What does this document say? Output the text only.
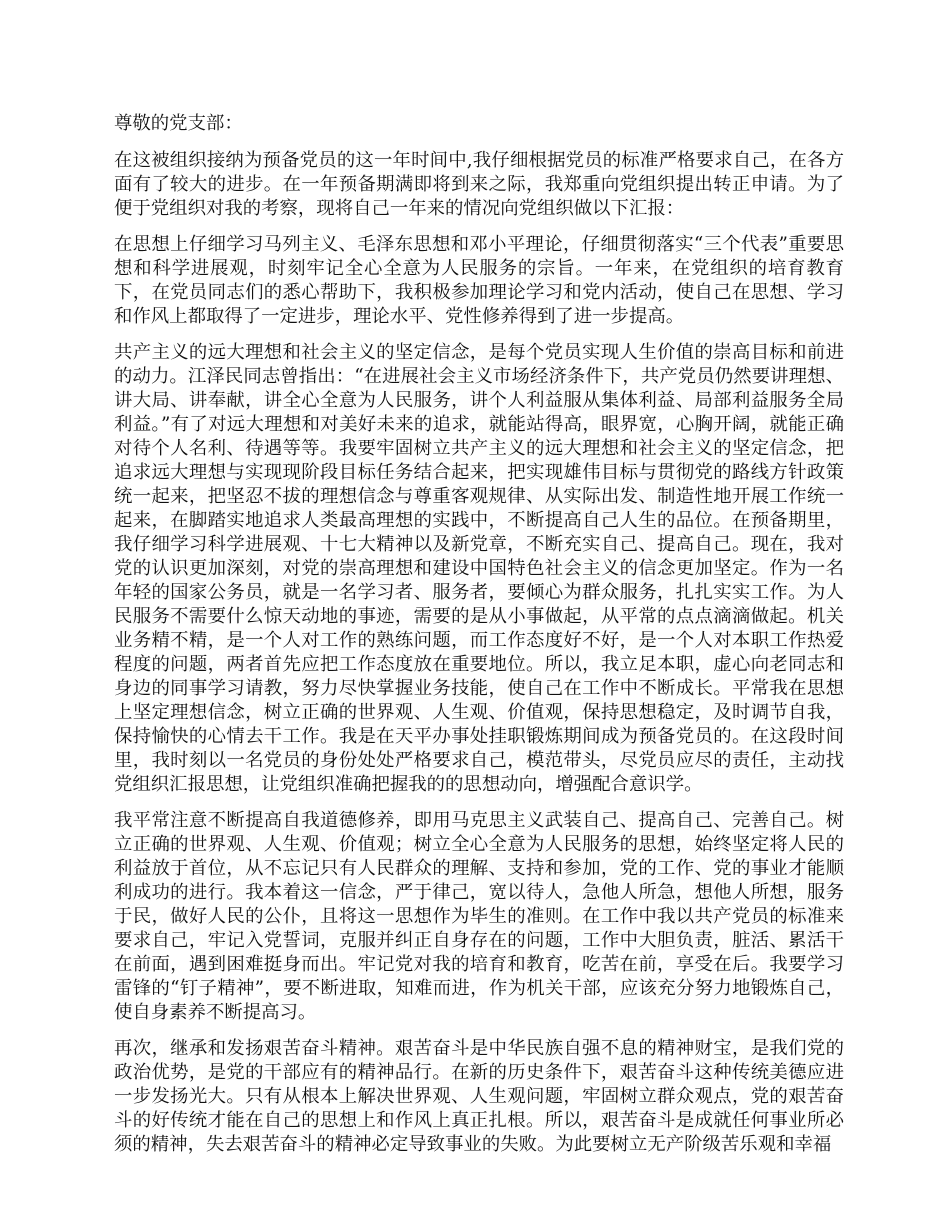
尊敬的党支部：

在这被组织接纳为预备党员的这一年时间中,我仔细根据党员的标准严格要求自己，在各方面有了较大的进步。在一年预备期满即将到来之际，我郑重向党组织提出转正申请。为了便于党组织对我的考察，现将自己一年来的情况向党组织做以下汇报：

在思想上仔细学习马列主义、毛泽东思想和邓小平理论，仔细贯彻落实“三个代表”重要思想和科学进展观，时刻牢记全心全意为人民服务的宗旨。一年来，在党组织的培育教育下，在党员同志们的悉心帮助下，我积极参加理论学习和党内活动，使自己在思想、学习和作风上都取得了一定进步，理论水平、党性修养得到了进一步提高。

共产主义的远大理想和社会主义的坚定信念，是每个党员实现人生价值的崇高目标和前进的动力。江泽民同志曾指出：“在进展社会主义市场经济条件下，共产党员仍然要讲理想、讲大局、讲奉献，讲全心全意为人民服务，讲个人利益服从集体利益、局部利益服务全局利益。”有了对远大理想和对美好未来的追求，就能站得高，眼界宽，心胸开阔，就能正确对待个人名利、待遇等等。我要牢固树立共产主义的远大理想和社会主义的坚定信念，把追求远大理想与实现现阶段目标任务结合起来，把实现雄伟目标与贯彻党的路线方针政策统一起来，把坚忍不拔的理想信念与尊重客观规律、从实际出发、制造性地开展工作统一起来，在脚踏实地追求人类最高理想的实践中，不断提高自己人生的品位。在预备期里，我仔细学习科学进展观、十七大精神以及新党章，不断充实自己、提高自己。现在，我对党的认识更加深刻，对党的崇高理想和建设中国特色社会主义的信念更加坚定。作为一名年轻的国家公务员，就是一名学习者、服务者，要倾心为群众服务，扎扎实实工作。为人民服务不需要什么惊天动地的事迹，需要的是从小事做起，从平常的点点滴滴做起。机关业务精不精，是一个人对工作的熟练问题，而工作态度好不好，是一个人对本职工作热爱程度的问题，两者首先应把工作态度放在重要地位。所以，我立足本职，虚心向老同志和身边的同事学习请教，努力尽快掌握业务技能，使自己在工作中不断成长。平常我在思想上坚定理想信念，树立正确的世界观、人生观、价值观，保持思想稳定，及时调节自我，保持愉快的心情去干工作。我是在天平办事处挂职锻炼期间成为预备党员的。在这段时间里，我时刻以一名党员的身份处处严格要求自己，模范带头，尽党员应尽的责任，主动找党组织汇报思想，让党组织准确把握我的的思想动向，增强配合意识学。

我平常注意不断提高自我道德修养，即用马克思主义武装自己、提高自己、完善自己。树立正确的世界观、人生观、价值观；树立全心全意为人民服务的思想，始终坚定将人民的利益放于首位，从不忘记只有人民群众的理解、支持和参加，党的工作、党的事业才能顺利成功的进行。我本着这一信念，严于律己，宽以待人，急他人所急，想他人所想，服务于民，做好人民的公仆，且将这一思想作为毕生的准则。在工作中我以共产党员的标准来要求自己，牢记入党誓词，克服并纠正自身存在的问题，工作中大胆负责，脏活、累活干在前面，遇到困难挺身而出。牢记党对我的培育和教育，吃苦在前，享受在后。我要学习雷锋的“钉子精神”，要不断进取，知难而进，作为机关干部，应该充分努力地锻炼自己，使自身素养不断提高习。

再次，继承和发扬艰苦奋斗精神。艰苦奋斗是中华民族自强不息的精神财宝，是我们党的政治优势，是党的干部应有的精神品行。在新的历史条件下，艰苦奋斗这种传统美德应进一步发扬光大。只有从根本上解决世界观、人生观问题，牢固树立群众观点，党的艰苦奋斗的好传统才能在自己的思想上和作风上真正扎根。所以，艰苦奋斗是成就任何事业所必须的精神，失去艰苦奋斗的精神必定导致事业的失败。为此要树立无产阶级苦乐观和幸福
